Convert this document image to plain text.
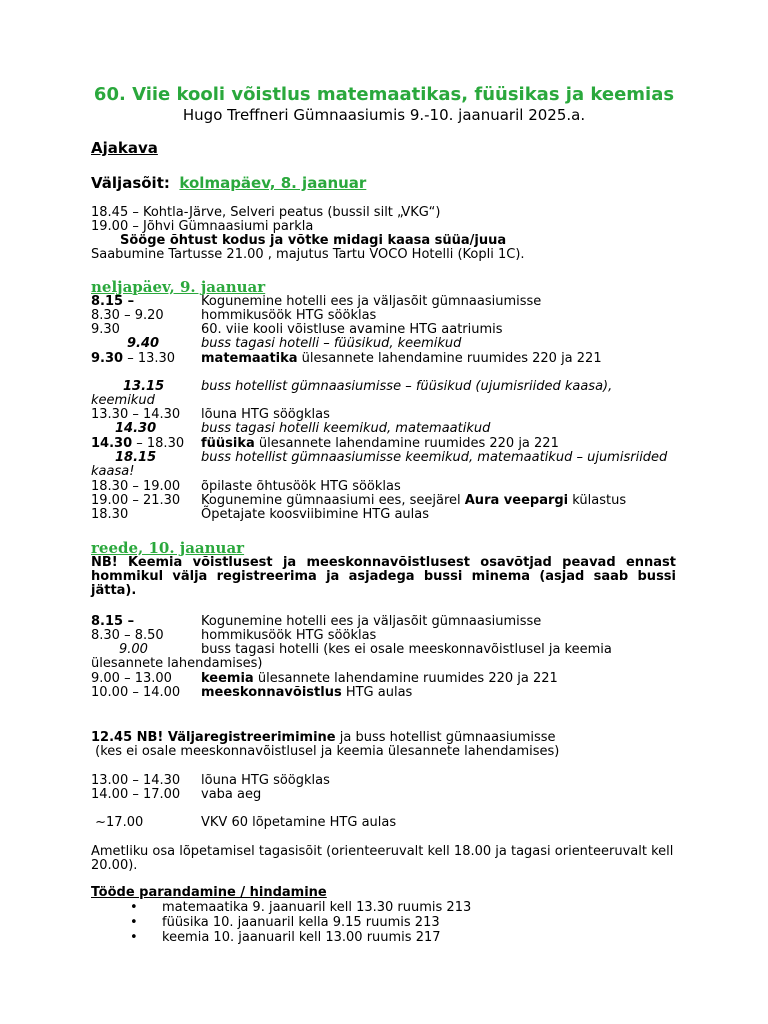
60. Viie kooli võistlus matemaatikas, füüsikas ja keemias
Hugo Treffneri Gümnaasiumis 9.-10. jaanuaril 2025.a.
Ajakava
Väljasõit: kolmapäev, 8. jaanuar
18.45 – Kohtla-Järve, Selveri peatus (bussil silt „VKG“)
19.00 – Jõhvi Gümnaasiumi parkla
Sööge õhtust kodus ja võtke midagi kaasa süüa/juua
Saabumine Tartusse 21.00 , majutus Tartu VOCO Hotelli (Kopli 1C).
neljapäev, 9. jaanuar
8.15 –	Kogunemine hotelli ees ja väljasõit gümnaasiumisse
8.30 – 9.20	hommikusöök HTG sööklas
9.30	60. viie kooli võistluse avamine HTG aatriumis
9.40	buss tagasi hotelli – füüsikud, keemikud
9.30 – 13.30 matemaatika ülesannete lahendamine ruumides 220 ja 221
13.15	buss hotellist gümnaasiumisse – füüsikud (ujumisriided kaasa),
keemikud
13.30 – 14.30 lõuna HTG söögklas
14.30	buss tagasi hotelli keemikud, matemaatikud
14.30 – 18.30 füüsika ülesannete lahendamine ruumides 220 ja 221
18.15	buss hotellist gümnaasiumisse keemikud, matemaatikud – ujumisriided
kaasa!
18.30 – 19.00 õpilaste õhtusöök HTG sööklas
19.00 – 21.30 Kogunemine gümnaasiumi ees, seejärel Aura veepargi külastus
18.30	Õpetajate koosviibimine HTG aulas
reede, 10. jaanuar
NB! Keemia võistlusest ja meeskonnavõistlusest osavõtjad peavad ennast hommikul välja registreerima ja asjadega bussi minema (asjad saab bussi jätta).
8.15 –	Kogunemine hotelli ees ja väljasõit gümnaasiumisse
8.30 – 8.50	hommikusöök HTG sööklas
9.00	buss tagasi hotelli (kes ei osale meeskonnavõistlusel ja keemia
ülesannete lahendamises)
9.00 – 13.00 keemia ülesannete lahendamine ruumides 220 ja 221
10.00 – 14.00 meeskonnavõistlus HTG aulas
12.45 NB! Väljaregistreerimimine ja buss hotellist gümnaasiumisse
(kes ei osale meeskonnavõistlusel ja keemia ülesannete lahendamises)
13.00 – 14.30 lõuna HTG söögklas
14.00 – 17.00 vaba aeg
~17.00	VKV 60 lõpetamine HTG aulas
Ametliku osa lõpetamisel tagasisõit (orienteeruvalt kell 18.00 ja tagasi orienteeruvalt kell 20.00).
Tööde parandamine / hindamine
• matemaatika 9. jaanuaril kell 13.30 ruumis 213
• füüsika 10. jaanuaril kella 9.15 ruumis 213
• keemia 10. jaanuaril kell 13.00 ruumis 217
